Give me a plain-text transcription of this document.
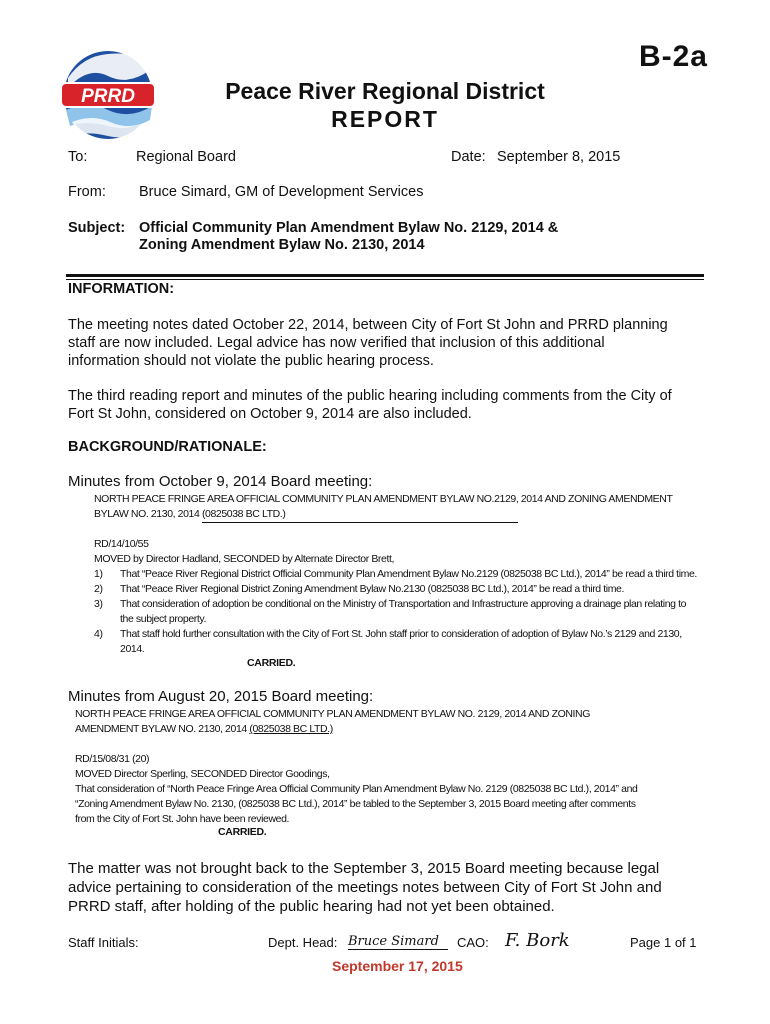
B-2a
PRRD	Peace River Regional District
REPORT
To:	Regional Board	Date: September 8, 2015
From: Bruce Simard, GM of Development Services
Subject: Official Community Plan Amendment Bylaw No. 2129, 2014 &
Zoning Amendment Bylaw No. 2130, 2014
INFORMATION:
The meeting notes dated October 22, 2014, between City of Fort St John and PRRD planning
staff are now included. Legal advice has now verified that inclusion of this additional
information should not violate the public hearing process.
The third reading report and minutes of the public hearing including comments from the City of
Fort St John, considered on October 9, 2014 are also included.
BACKGROUND/RATIONALE:
Minutes from October 9, 2014 Board meeting:
NORTH PEACE FRINGE AREA OFFICIAL COMMUNITY PLAN AMENDMENT BYLAW NO.2129, 2014 AND ZONING AMENDMENT
BYLAW NO. 2130, 2014 (0825038 BC LTD.)
RD/14/10/55
MOVED by Director Hadland, SECONDED by Alternate Director Brett,
1) That “Peace River Regional District Official Community Plan Amendment Bylaw No.2129 (0825038 BC Ltd.), 2014” be read a third time.
2) That “Peace River Regional District Zoning Amendment Bylaw No.2130 (0825038 BC Ltd.), 2014” be read a third time.
3) That consideration of adoption be conditional on the Ministry of Transportation and Infrastructure approving a drainage plan relating to
the subject property.
4) That staff hold further consultation with the City of Fort St. John staff prior to consideration of adoption of Bylaw No.’s 2129 and 2130,
2014.
CARRIED.
Minutes from August 20, 2015 Board meeting:
NORTH PEACE FRINGE AREA OFFICIAL COMMUNITY PLAN AMENDMENT BYLAW NO. 2129, 2014 AND ZONING
AMENDMENT BYLAW NO. 2130, 2014 (0825038 BC LTD.)
RD/15/08/31 (20)
MOVED Director Sperling, SECONDED Director Goodings,
That consideration of “North Peace Fringe Area Official Community Plan Amendment Bylaw No. 2129 (0825038 BC Ltd.), 2014” and
“Zoning Amendment Bylaw No. 2130, (0825038 BC Ltd.), 2014” be tabled to the September 3, 2015 Board meeting after comments
from the City of Fort St. John have been reviewed.
CARRIED.
The matter was not brought back to the September 3, 2015 Board meeting because legal
advice pertaining to consideration of the meetings notes between City of Fort St John and
PRRD staff, after holding of the public hearing had not yet been obtained.
Staff Initials:	Dept. Head: Bruce Simard	CAO: F. Bork	Page 1 of 1
September 17, 2015
